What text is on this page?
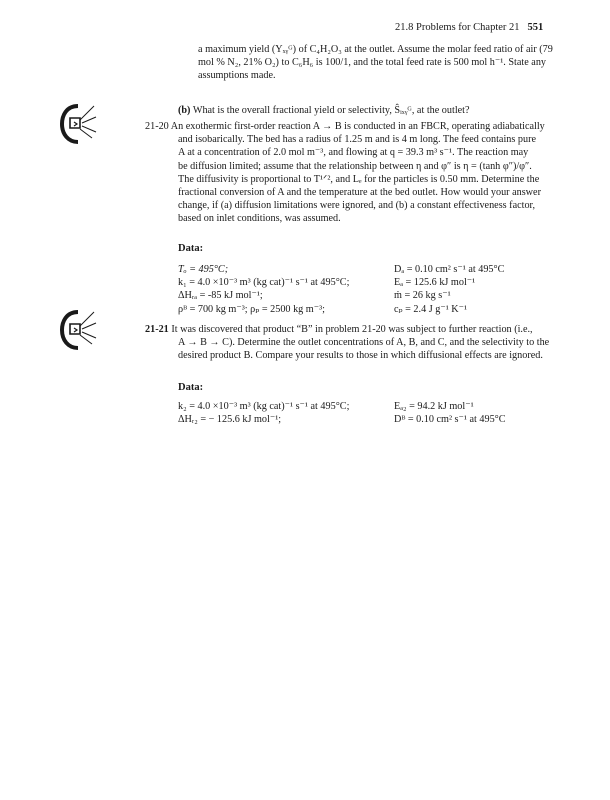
21.8 Problems for Chapter 21 551
a maximum yield (Yₓᵧᴳ) of C₄H₂O₃ at the outlet. Assume the molar feed ratio of air (79
mol % N₂, 21% O₂) to C₆H₆ is 100/1, and the total feed rate is 500 mol h⁻¹. State any
assumptions made.
(b) What is the overall fractional yield or selectivity, Ŝᵢₓᵧᴳ, at the outlet?
21-20 An exothermic first-order reaction A → B is conducted in an FBCR, operating adiabatically
and isobarically. The bed has a radius of 1.25 m and is 4 m long. The feed contains pure
A at a concentration of 2.0 mol m⁻³, and flowing at q = 39.3 m³ s⁻¹. The reaction may
be diffusion limited; assume that the relationship between η and φ″ is η = (tanh φ″)/φ″.
The diffusivity is proportional to T¹ᐟ², and Lₑ for the particles is 0.50 mm. Determine the
fractional conversion of A and the temperature at the bed outlet. How would your answer
change, if (a) diffusion limitations were ignored, and (b) a constant effectiveness factor,
based on inlet conditions, was assumed.
Data:
Tₒ = 495°C;	Dₐ = 0.10 cm² s⁻¹ at 495°C
k₁ = 4.0 ×10⁻³ m³ (kg cat)⁻¹ s⁻¹ at 495°C;	Eₐ = 125.6 kJ mol⁻¹
ΔHᵣₐ = -85 kJ mol⁻¹;	ṁ = 26 kg s⁻¹
ρᴮ = 700 kg m⁻³; ρₚ = 2500 kg m⁻³;	cₚ = 2.4 J g⁻¹ K⁻¹
21-21 It was discovered that product “B” in problem 21-20 was subject to further reaction (i.e.,
A → B → C). Determine the outlet concentrations of A, B, and C, and the selectivity to the
desired product B. Compare your results to those in which diffusional effects are ignored.
Data:
k₂ = 4.0 ×10⁻³ m³ (kg cat)⁻¹ s⁻¹ at 495°C;	Eₐ₂ = 94.2 kJ mol⁻¹
ΔHᵣ₂ = − 125.6 kJ mol⁻¹;	Dᴮ = 0.10 cm² s⁻¹ at 495°C
